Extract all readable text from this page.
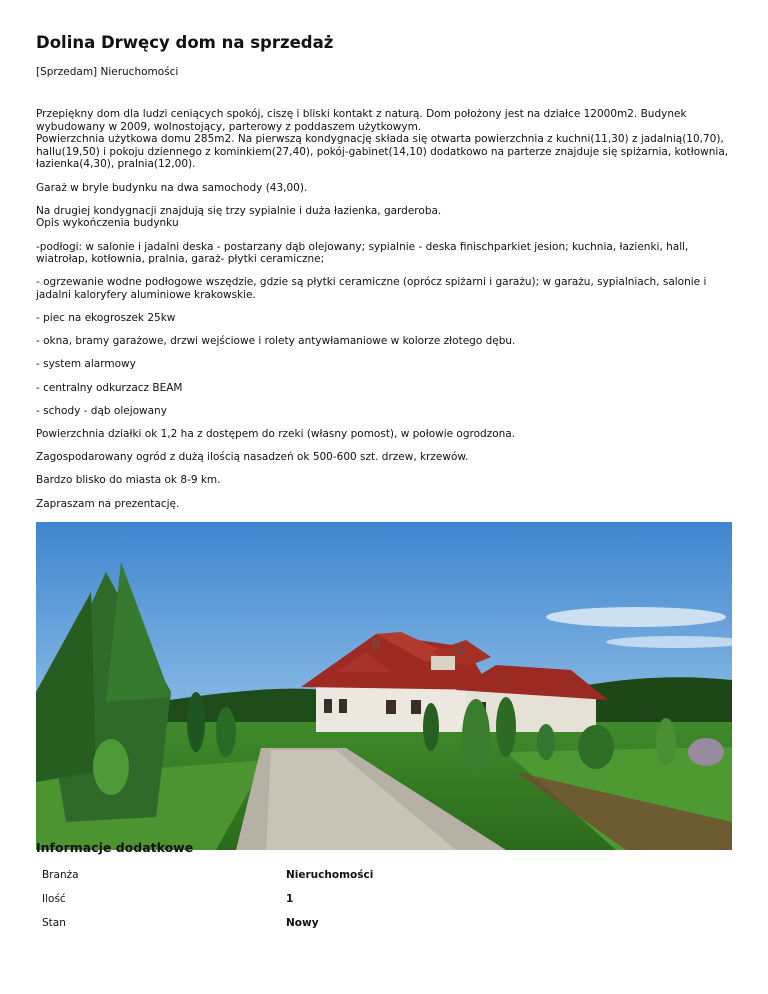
Dolina Drwęcy dom na sprzedaż
[Sprzedam] Nieruchomości

Przepiękny dom dla ludzi ceniących spokój, ciszę i bliski kontakt z naturą. Dom położony jest na działce 12000m2. Budynek
wybudowany w 2009, wolnostojący, parterowy z poddaszem użytkowym.
Powierzchnia użytkowa domu 285m2. Na pierwszą kondygnację składa się otwarta powierzchnia z kuchni(11,30) z jadalnią(10,70),
hallu(19,50) i pokoju dziennego z kominkiem(27,40), pokój-gabinet(14,10) dodatkowo na parterze znajduje się spiżarnia, kotłownia,
łazienka(4,30), pralnia(12,00).

Garaż w bryle budynku na dwa samochody (43,00).

Na drugiej kondygnacji znajdują się trzy sypialnie i duża łazienka, garderoba.
Opis wykończenia budynku

-podłogi: w salonie i jadalni deska - postarzany dąb olejowany; sypialnie - deska finischparkiet jesion; kuchnia, łazienki, hall,
wiatrołap, kotłownia, pralnia, garaż- płytki ceramiczne;

- ogrzewanie wodne podłogowe wszędzie, gdzie są płytki ceramiczne (oprócz spiżarni i garażu); w garażu, sypialniach, salonie i
jadalni kaloryfery aluminiowe krakowskie.

- piec na ekogroszek 25kw

- okna, bramy garażowe, drzwi wejściowe i rolety antywłamaniowe w kolorze złotego dębu.

- system alarmowy

- centralny odkurzacz BEAM

- schody - dąb olejowany

Powierzchnia działki ok 1,2 ha z dostępem do rzeki (własny pomost), w połowie ogrodzona.

Zagospodarowany ogród z dużą ilością nasadzeń ok 500-600 szt. drzew, krzewów.

Bardzo blisko do miasta ok 8-9 km.

Zapraszam na prezentację.

Informacje dodatkowe
Branża	Nieruchomości
Ilość	1
Stan	Nowy
